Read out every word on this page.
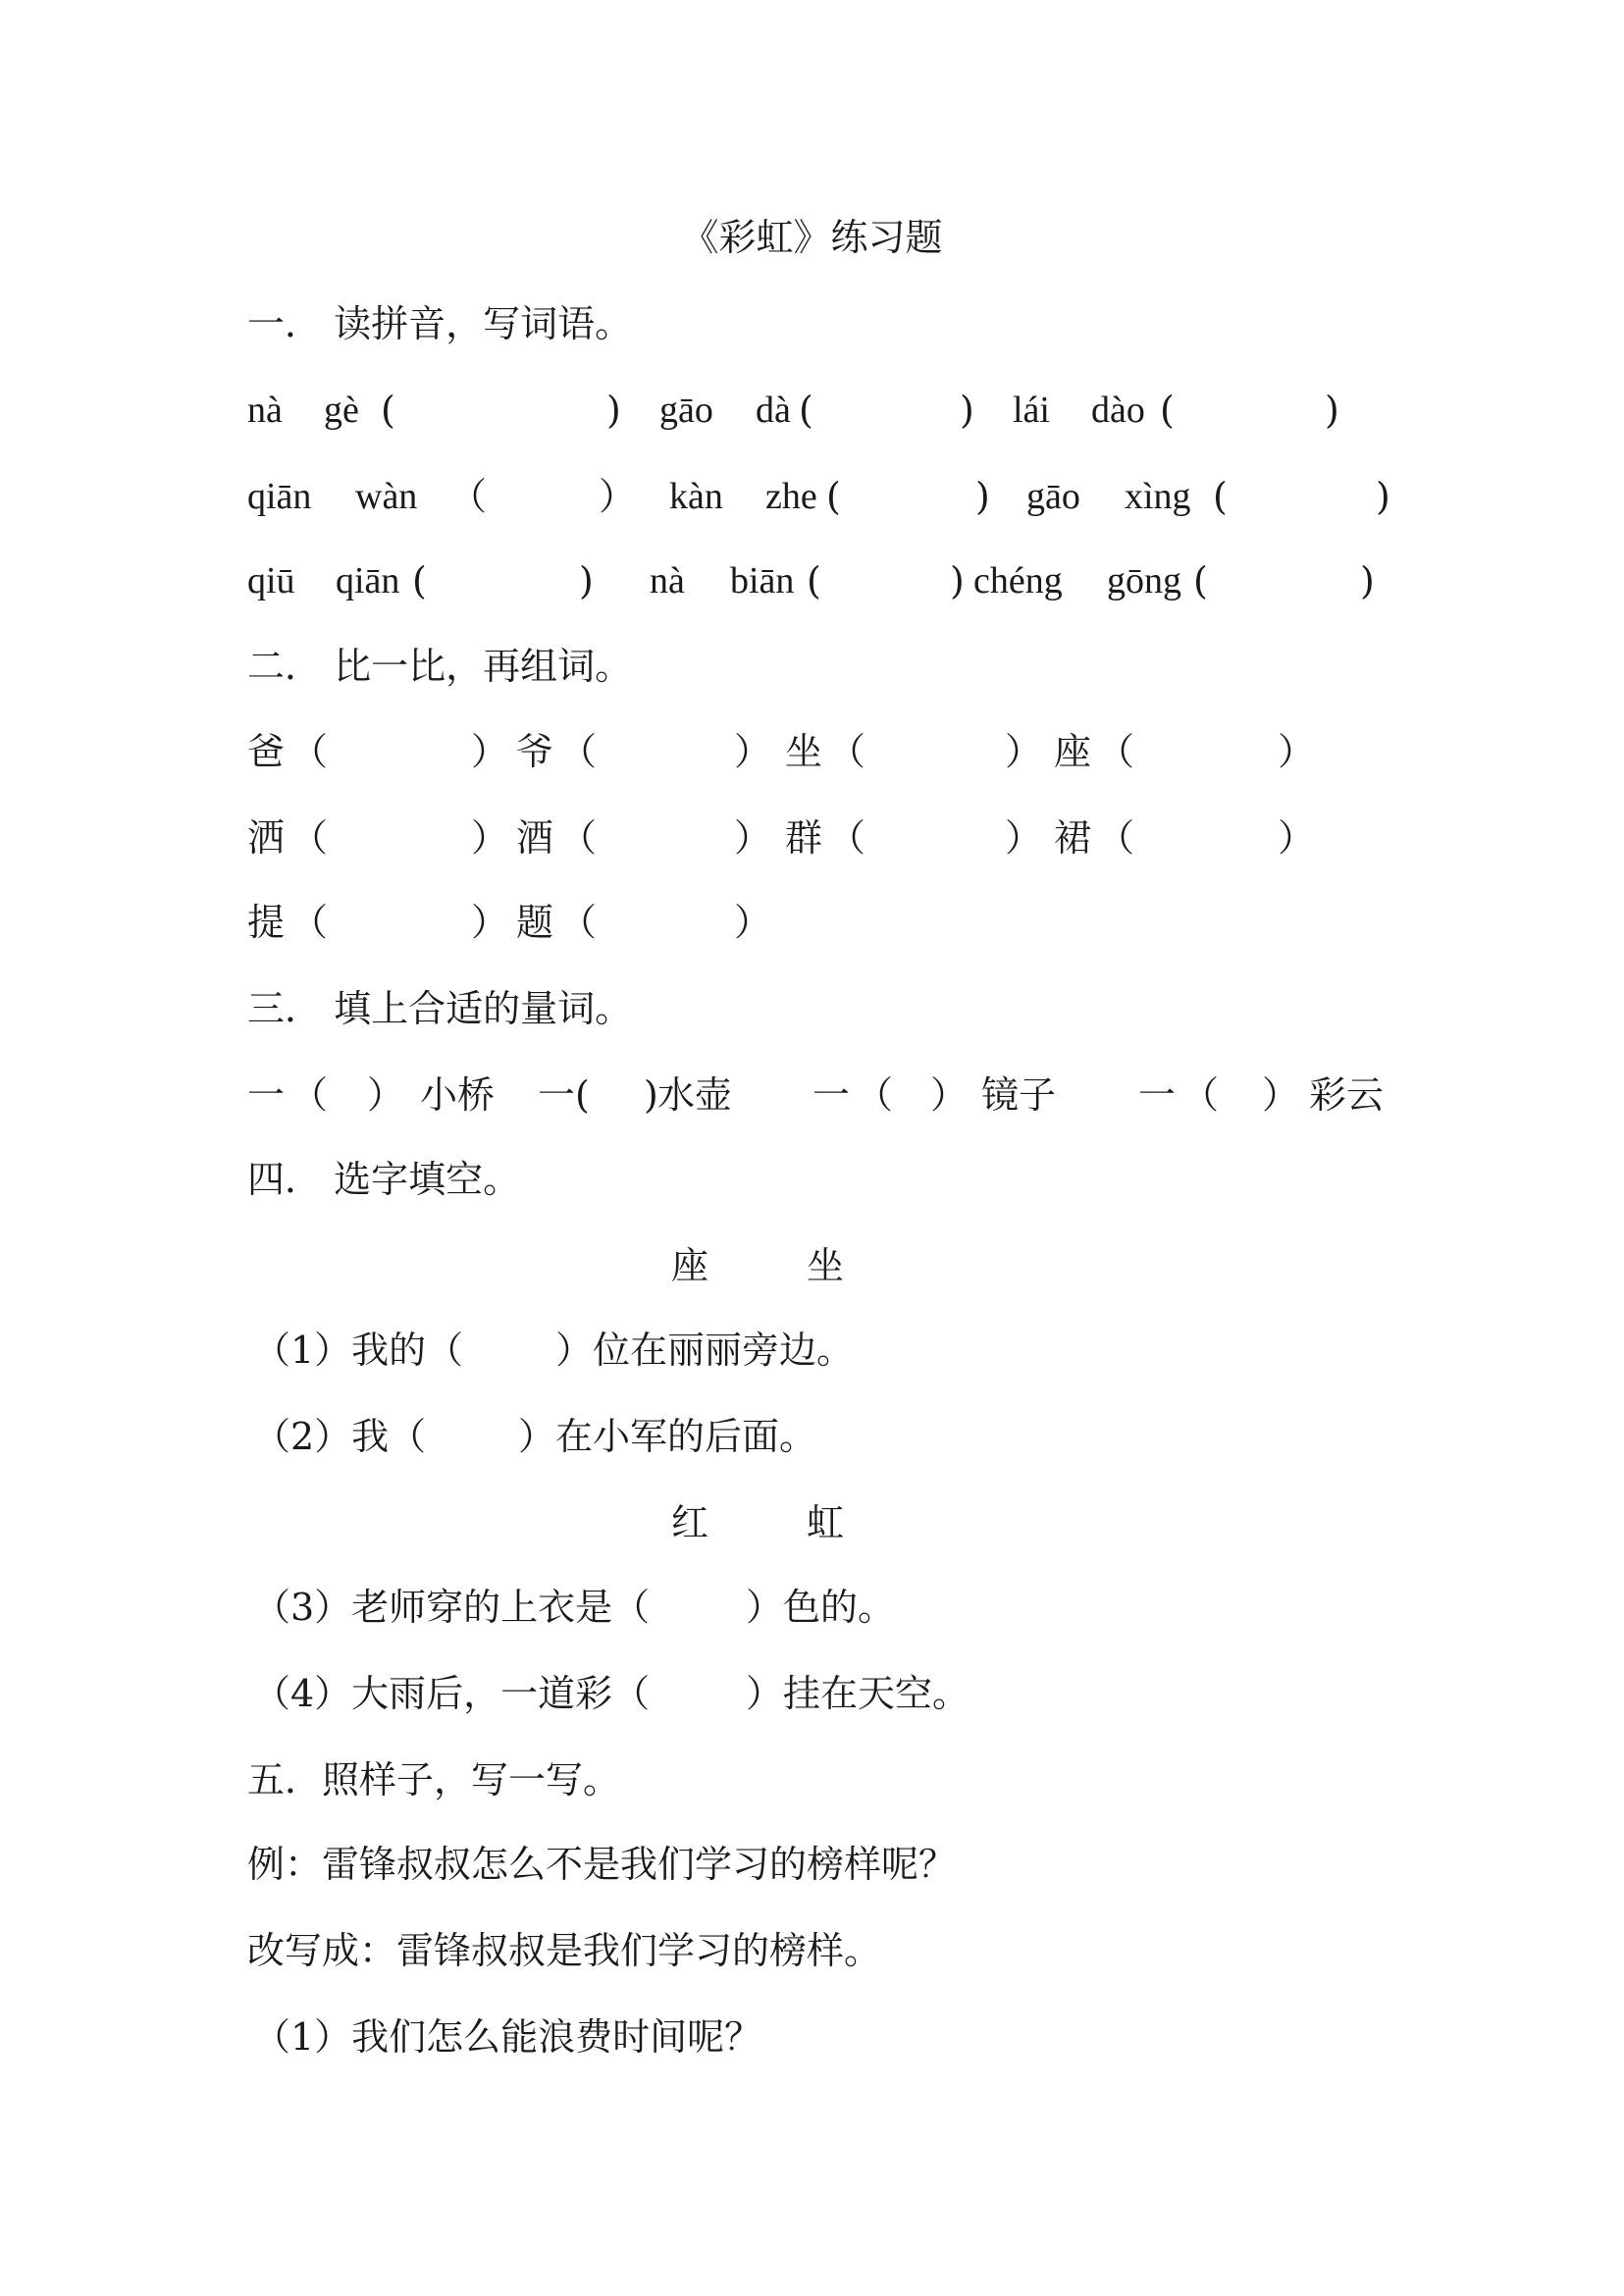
《彩虹》练习题
一． 读拼音，写词语。
nà gè (	) gāo dà (	) lái dào (	)
qiān wàn （	） kàn zhe (	) gāo xìng (	)
qiū qiān (	) nà biān (	) chéng gōng (	)
二． 比一比，再组词。
爸 （	） 爷 （	） 坐 （	） 座 （	）
洒 （	） 酒 （	） 群 （	） 裙 （	）
提 （	） 题 （	）
三． 填上合适的量词。
一 （ ） 小桥 一 ( ) 水壶 一 （ ） 镜子 一 （ ） 彩云
四． 选字填空。
座	坐
（1）我的（ ）位在丽丽旁边。
（2）我（ ）在小军的后面。
红	虹
（3）老师穿的上衣是（	）色的。
（4）大雨后，一道彩（	）挂在天空。
五．照样子，写一写。
例：雷锋叔叔怎么不是我们学习的榜样呢？
改写成：雷锋叔叔是我们学习的榜样。
（1）我们怎么能浪费时间呢？
